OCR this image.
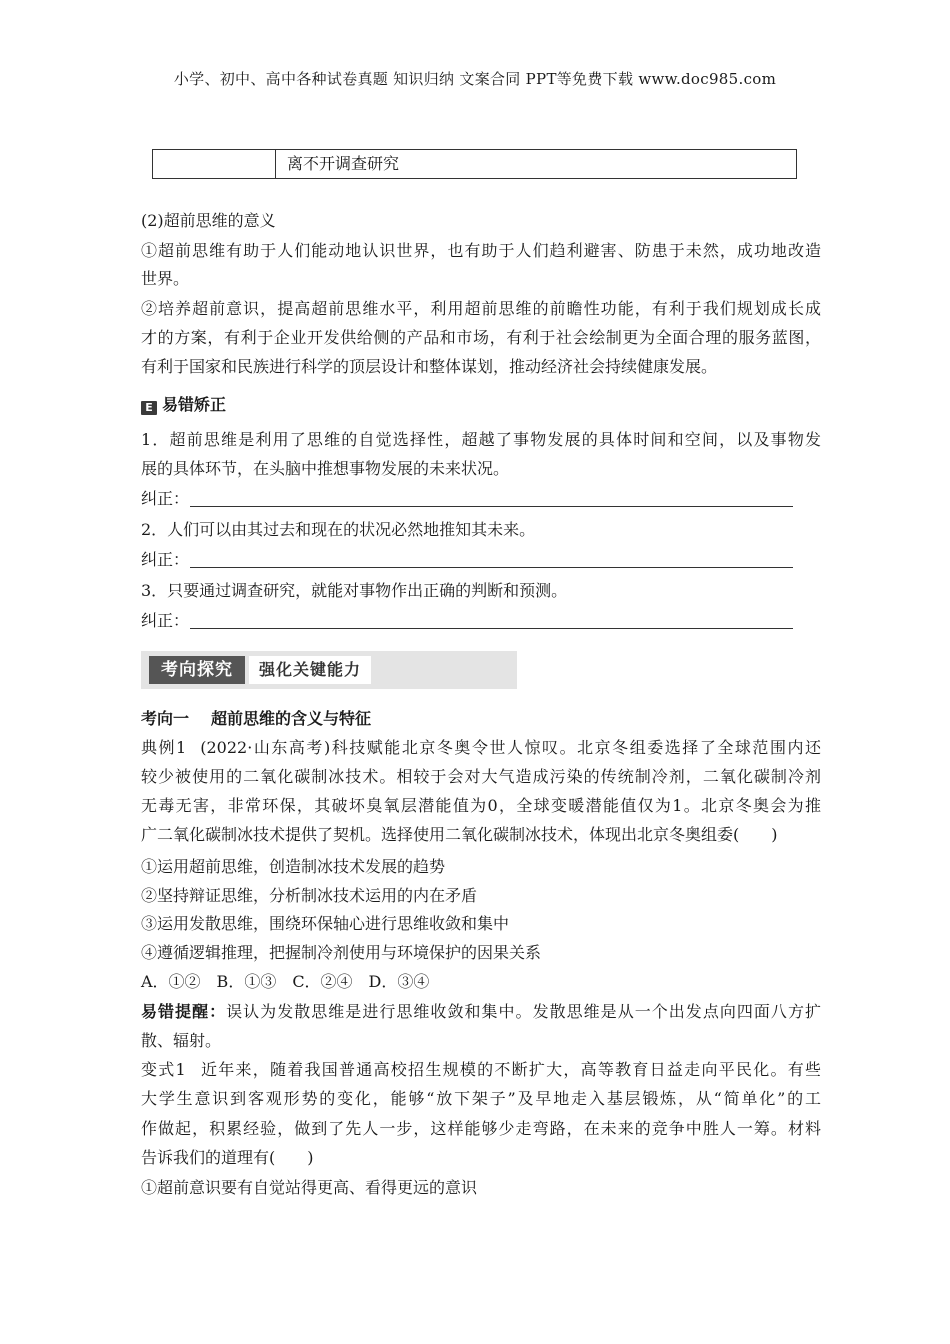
小学、初中、高中各种试卷真题 知识归纳 文案合同 PPT等免费下载 www.doc985.com
离不开调查研究
(2)超前思维的意义
①超前思维有助于人们能动地认识世界，也有助于人们趋利避害、防患于未然，成功地改造
世界。
②培养超前意识，提高超前思维水平，利用超前思维的前瞻性功能，有利于我们规划成长成
才的方案，有利于企业开发供给侧的产品和市场，有利于社会绘制更为全面合理的服务蓝图，
有利于国家和民族进行科学的顶层设计和整体谋划，推动经济社会持续健康发展。
E 易错矫正
1．超前思维是利用了思维的自觉选择性，超越了事物发展的具体时间和空间，以及事物发
展的具体环节，在头脑中推想事物发展的未来状况。
纠正：
2．人们可以由其过去和现在的状况必然地推知其未来。
纠正：
3．只要通过调查研究，就能对事物作出正确的判断和预测。
纠正：
考向探究	强化关键能力
考向一 超前思维的含义与特征
典例1 (2022·山东高考)科技赋能北京冬奥令世人惊叹。北京冬组委选择了全球范围内还
较少被使用的二氧化碳制冰技术。相较于会对大气造成污染的传统制冷剂，二氧化碳制冷剂
无毒无害，非常环保，其破坏臭氧层潜能值为0，全球变暖潜能值仅为1。北京冬奥会为推
广二氧化碳制冰技术提供了契机。选择使用二氧化碳制冰技术，体现出北京冬奥组委(　　)
①运用超前思维，创造制冰技术发展的趋势
②坚持辩证思维，分析制冰技术运用的内在矛盾
③运用发散思维，围绕环保轴心进行思维收敛和集中
④遵循逻辑推理，把握制冷剂使用与环境保护的因果关系
A．①②　B．①③　C．②④　D．③④
易错提醒：误认为发散思维是进行思维收敛和集中。发散思维是从一个出发点向四面八方扩
散、辐射。
变式1 近年来，随着我国普通高校招生规模的不断扩大，高等教育日益走向平民化。有些
大学生意识到客观形势的变化，能够“放下架子”及早地走入基层锻炼，从“简单化”的工
作做起，积累经验，做到了先人一步，这样能够少走弯路，在未来的竞争中胜人一筹。材料
告诉我们的道理有(　　)
①超前意识要有自觉站得更高、看得更远的意识
